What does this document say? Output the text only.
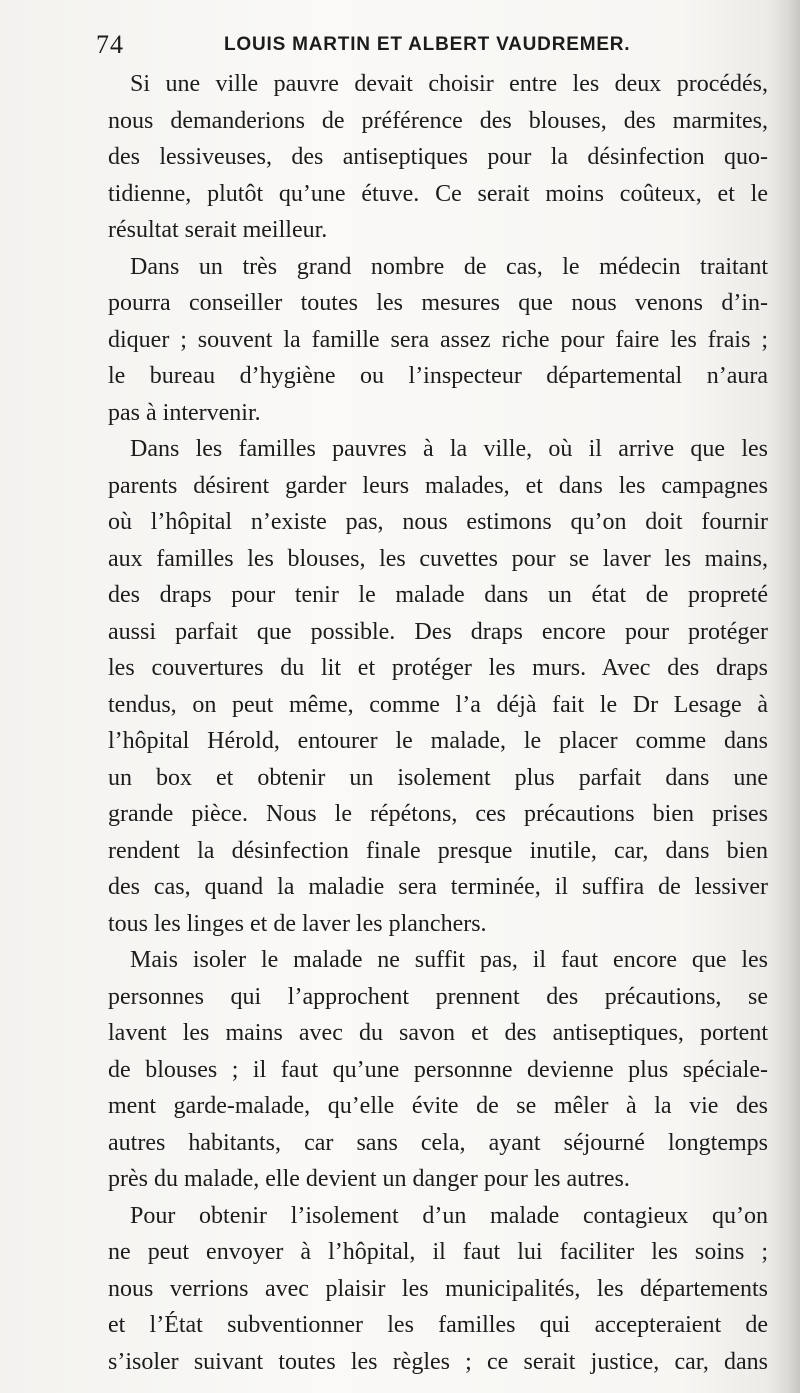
74	LOUIS MARTIN ET ALBERT VAUDREMER.
Si une ville pauvre devait choisir entre les deux procédés,
nous demanderions de préférence des blouses, des marmites,
des lessiveuses, des antiseptiques pour la désinfection quo-
tidienne, plutôt qu’une étuve. Ce serait moins coûteux, et le
résultat serait meilleur.
Dans un très grand nombre de cas, le médecin traitant
pourra conseiller toutes les mesures que nous venons d’in-
diquer ; souvent la famille sera assez riche pour faire les frais ;
le bureau d’hygiène ou l’inspecteur départemental n’aura
pas à intervenir.
Dans les familles pauvres à la ville, où il arrive que les
parents désirent garder leurs malades, et dans les campagnes
où l’hôpital n’existe pas, nous estimons qu’on doit fournir
aux familles les blouses, les cuvettes pour se laver les mains,
des draps pour tenir le malade dans un état de propreté
aussi parfait que possible. Des draps encore pour protéger
les couvertures du lit et protéger les murs. Avec des draps
tendus, on peut même, comme l’a déjà fait le Dr Lesage à
l’hôpital Hérold, entourer le malade, le placer comme dans
un box et obtenir un isolement plus parfait dans une
grande pièce. Nous le répétons, ces précautions bien prises
rendent la désinfection finale presque inutile, car, dans bien
des cas, quand la maladie sera terminée, il suffira de lessiver
tous les linges et de laver les planchers.
Mais isoler le malade ne suffit pas, il faut encore que les
personnes qui l’approchent prennent des précautions, se
lavent les mains avec du savon et des antiseptiques, portent
de blouses ; il faut qu’une personnne devienne plus spéciale-
ment garde-malade, qu’elle évite de se mêler à la vie des
autres habitants, car sans cela, ayant séjourné longtemps
près du malade, elle devient un danger pour les autres.
Pour obtenir l’isolement d’un malade contagieux qu’on
ne peut envoyer à l’hôpital, il faut lui faciliter les soins ;
nous verrions avec plaisir les municipalités, les départements
et l’État subventionner les familles qui accepteraient de
s’isoler suivant toutes les règles ; ce serait justice, car, dans
